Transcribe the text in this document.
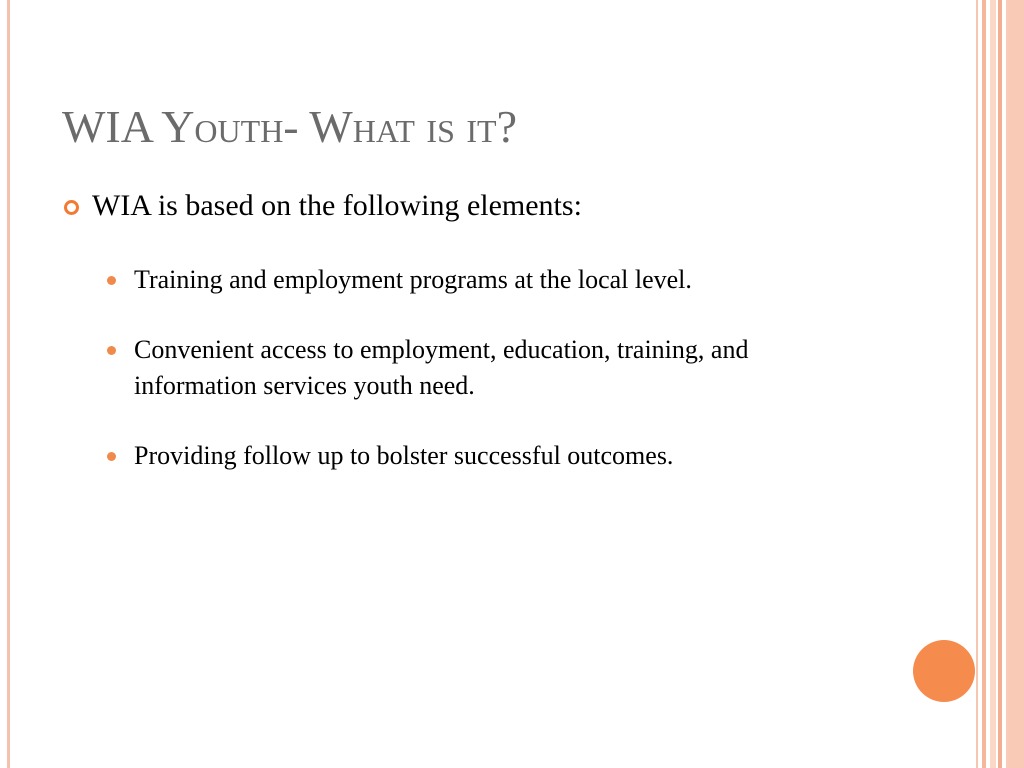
WIA Youth- What is it?
WIA is based on the following elements:
Training and employment programs at the local level.
Convenient access to employment, education, training, and information services youth need.
Providing follow up to bolster successful outcomes.
